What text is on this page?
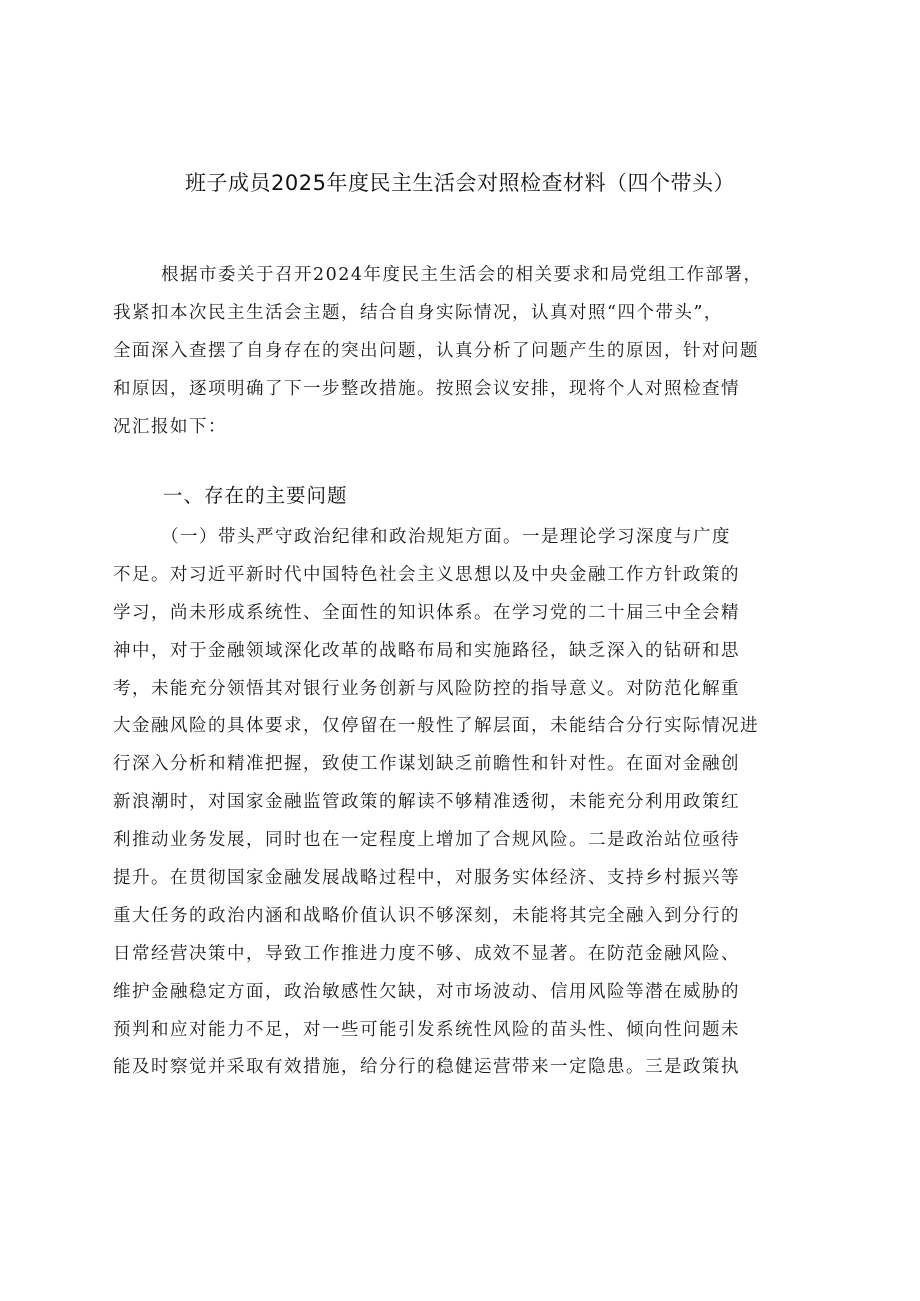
班子成员2025年度民主生活会对照检查材料（四个带头）
根据市委关于召开2024年度民主生活会的相关要求和局党组工作部署，
我紧扣本次民主生活会主题，结合自身实际情况，认真对照“四个带头”，
全面深入查摆了自身存在的突出问题，认真分析了问题产生的原因，针对问题
和原因，逐项明确了下一步整改措施。按照会议安排，现将个人对照检查情
况汇报如下：
一、存在的主要问题
（一）带头严守政治纪律和政治规矩方面。一是理论学习深度与广度
不足。对习近平新时代中国特色社会主义思想以及中央金融工作方针政策的
学习，尚未形成系统性、全面性的知识体系。在学习党的二十届三中全会精
神中，对于金融领域深化改革的战略布局和实施路径，缺乏深入的钻研和思
考，未能充分领悟其对银行业务创新与风险防控的指导意义。对防范化解重
大金融风险的具体要求，仅停留在一般性了解层面，未能结合分行实际情况进
行深入分析和精准把握，致使工作谋划缺乏前瞻性和针对性。在面对金融创
新浪潮时，对国家金融监管政策的解读不够精准透彻，未能充分利用政策红
利推动业务发展，同时也在一定程度上增加了合规风险。二是政治站位亟待
提升。在贯彻国家金融发展战略过程中，对服务实体经济、支持乡村振兴等
重大任务的政治内涵和战略价值认识不够深刻，未能将其完全融入到分行的
日常经营决策中，导致工作推进力度不够、成效不显著。在防范金融风险、
维护金融稳定方面，政治敏感性欠缺，对市场波动、信用风险等潜在威胁的
预判和应对能力不足，对一些可能引发系统性风险的苗头性、倾向性问题未
能及时察觉并采取有效措施，给分行的稳健运营带来一定隐患。三是政策执
